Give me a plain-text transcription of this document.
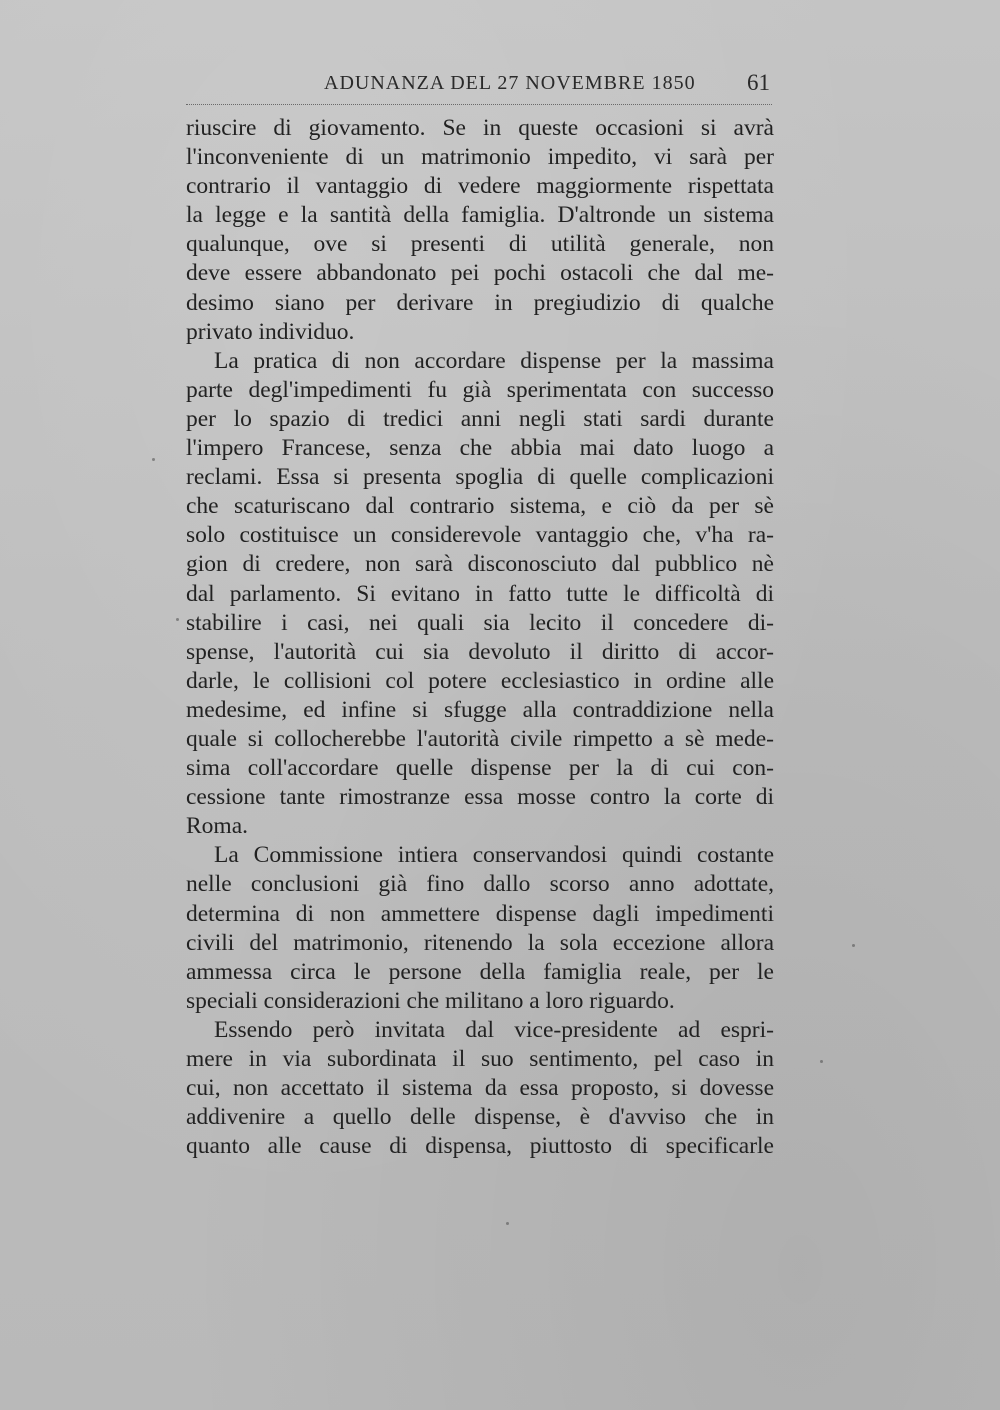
ADUNANZA DEL 27 NOVEMBRE 1850 61
riuscire di giovamento. Se in queste occasioni si avrà
l'inconveniente di un matrimonio impedito, vi sarà per
contrario il vantaggio di vedere maggiormente rispettata
la legge e la santità della famiglia. D'altronde un sistema
qualunque, ove si presenti di utilità generale, non
deve essere abbandonato pei pochi ostacoli che dal me-
desimo siano per derivare in pregiudizio di qualche
privato individuo.
La pratica di non accordare dispense per la massima
parte degl'impedimenti fu già sperimentata con successo
per lo spazio di tredici anni negli stati sardi durante
l'impero Francese, senza che abbia mai dato luogo a
reclami. Essa si presenta spoglia di quelle complicazioni
che scaturiscano dal contrario sistema, e ciò da per sè
solo costituisce un considerevole vantaggio che, v'ha ra-
gion di credere, non sarà disconosciuto dal pubblico nè
dal parlamento. Si evitano in fatto tutte le difficoltà di
stabilire i casi, nei quali sia lecito il concedere di-
spense, l'autorità cui sia devoluto il diritto di accor-
darle, le collisioni col potere ecclesiastico in ordine alle
medesime, ed infine si sfugge alla contraddizione nella
quale si collocherebbe l'autorità civile rimpetto a sè mede-
sima coll'accordare quelle dispense per la di cui con-
cessione tante rimostranze essa mosse contro la corte di
Roma.
La Commissione intiera conservandosi quindi costante
nelle conclusioni già fino dallo scorso anno adottate,
determina di non ammettere dispense dagli impedimenti
civili del matrimonio, ritenendo la sola eccezione allora
ammessa circa le persone della famiglia reale, per le
speciali considerazioni che militano a loro riguardo.
Essendo però invitata dal vice-presidente ad espri-
mere in via subordinata il suo sentimento, pel caso in
cui, non accettato il sistema da essa proposto, si dovesse
addivenire a quello delle dispense, è d'avviso che in
quanto alle cause di dispensa, piuttosto di specificarle
